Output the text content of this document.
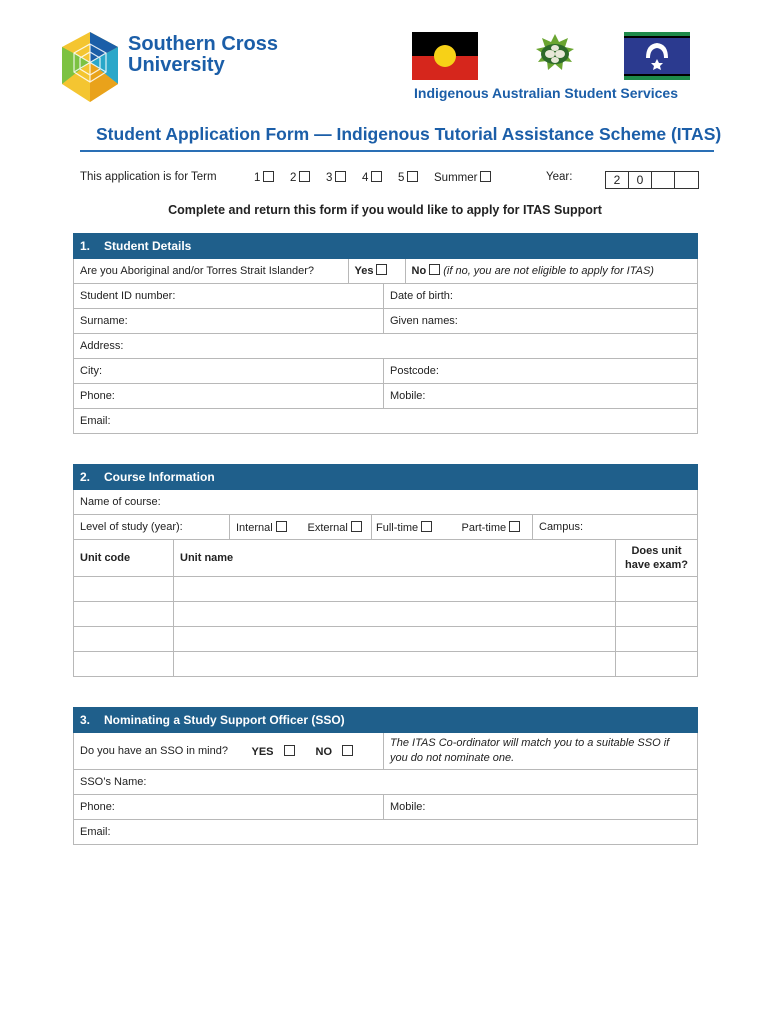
Southern Cross
University
Indigenous Australian Student Services
Student Application Form — Indigenous Tutorial Assistance Scheme (ITAS)
This application is for Term	1	2	3	4	5	Summer	Year:	2	0
Complete and return this form if you would like to apply for ITAS Support
1. Student Details		
Are you Aboriginal and/or Torres Strait Islander?	Yes No (if no, you are not eligible to apply for ITAS)	

Student ID number:		Date of birth:
Surname:		Given names:
Address:		
City:		Postcode:
Phone:		Mobile:
Email:		
2. Course Information							
Name of course:							
Level of study (year):		Internal	External	Full-time	Part-time	Campus:	
Unit code	Unit name						Does unit
have exam?

3. Nominating a Study Support Officer (SSO)			
Do you have an SSO in mind?	YES	NO	The ITAS Co-ordinator will match you to a suitable SSO if
you do not nominate one.
SSO’s Name:			
Phone:			Mobile:
Email:			
